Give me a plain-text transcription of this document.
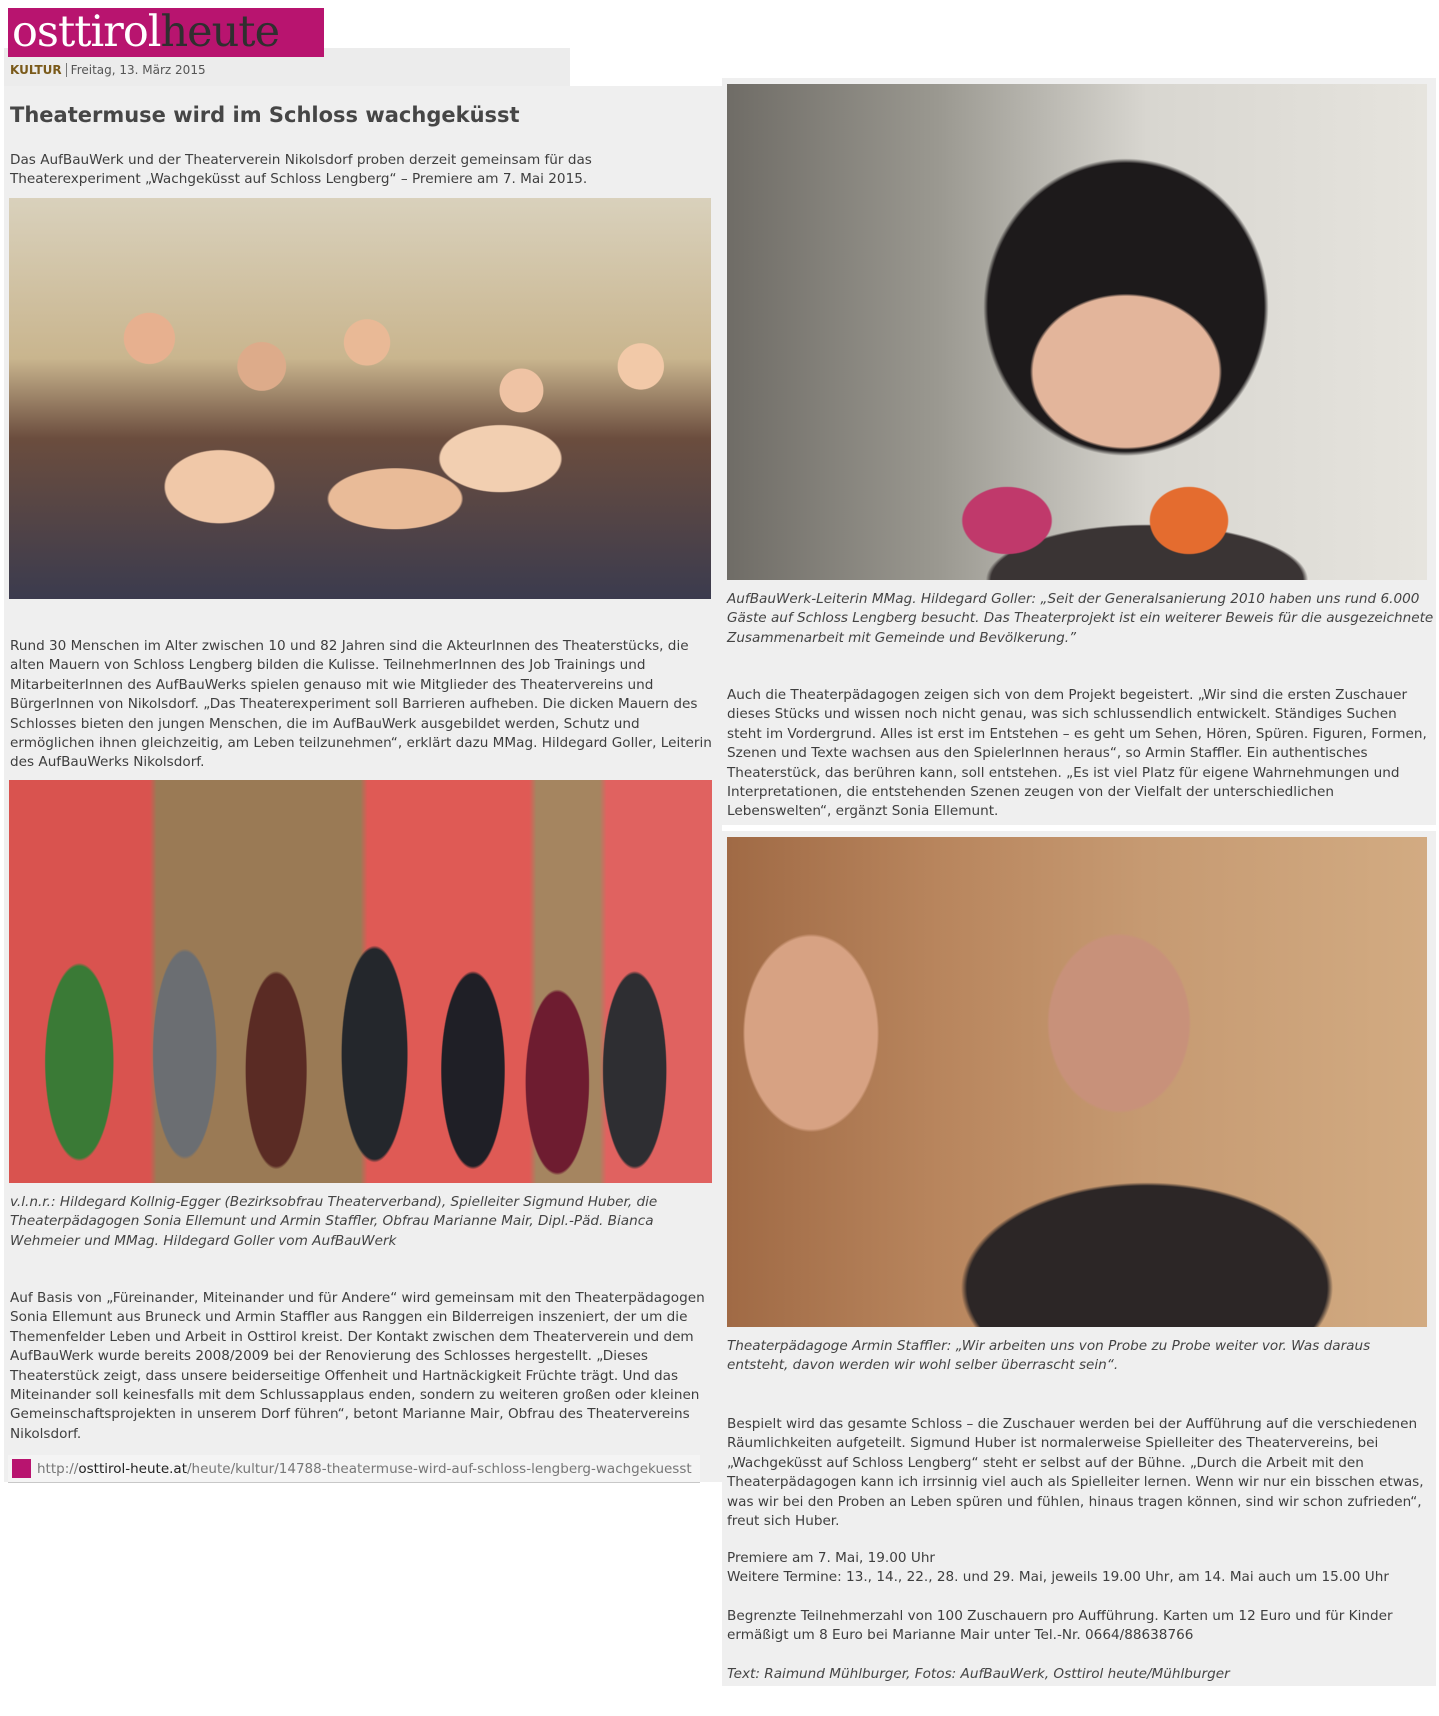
osttirolheute
KULTUR Freitag, 13. März 2015
Theatermuse wird im Schloss wachgeküsst
Das AufBauWerk und der Theaterverein Nikolsdorf proben derzeit gemeinsam für das Theaterexperiment „Wachgeküsst auf Schloss Lengberg“ – Premiere am 7. Mai 2015.
Rund 30 Menschen im Alter zwischen 10 und 82 Jahren sind die AkteurInnen des Theaterstücks, die alten Mauern von Schloss Lengberg bilden die Kulisse. TeilnehmerInnen des Job Trainings und MitarbeiterInnen des AufBauWerks spielen genauso mit wie Mitglieder des Theatervereins und BürgerInnen von Nikolsdorf. „Das Theaterexperiment soll Barrieren aufheben. Die dicken Mauern des Schlosses bieten den jungen Menschen, die im AufBauWerk ausgebildet werden, Schutz und ermöglichen ihnen gleichzeitig, am Leben teilzunehmen“, erklärt dazu MMag. Hildegard Goller, Leiterin des AufBauWerks Nikolsdorf.
v.l.n.r.: Hildegard Kollnig-Egger (Bezirksobfrau Theaterverband), Spielleiter Sigmund Huber, die Theaterpädagogen Sonia Ellemunt und Armin Staffler, Obfrau Marianne Mair, Dipl.-Päd. Bianca Wehmeier und MMag. Hildegard Goller vom AufBauWerk
Auf Basis von „Füreinander, Miteinander und für Andere“ wird gemeinsam mit den Theaterpädagogen Sonia Ellemunt aus Bruneck und Armin Staffler aus Ranggen ein Bilderreigen inszeniert, der um die Themenfelder Leben und Arbeit in Osttirol kreist. Der Kontakt zwischen dem Theaterverein und dem AufBauWerk wurde bereits 2008/2009 bei der Renovierung des Schlosses hergestellt. „Dieses Theaterstück zeigt, dass unsere beiderseitige Offenheit und Hartnäckigkeit Früchte trägt. Und das Miteinander soll keinesfalls mit dem Schlussapplaus enden, sondern zu weiteren großen oder kleinen Gemeinschaftsprojekten in unserem Dorf führen“, betont Marianne Mair, Obfrau des Theatervereins Nikolsdorf.
http://osttirol-heute.at/heute/kultur/14788-theatermuse-wird-auf-schloss-lengberg-wachgekuesst
AufBauWerk-Leiterin MMag. Hildegard Goller: „Seit der Generalsanierung 2010 haben uns rund 6.000 Gäste auf Schloss Lengberg besucht. Das Theaterprojekt ist ein weiterer Beweis für die ausgezeichnete Zusammenarbeit mit Gemeinde und Bevölkerung.”
Auch die Theaterpädagogen zeigen sich von dem Projekt begeistert. „Wir sind die ersten Zuschauer dieses Stücks und wissen noch nicht genau, was sich schlussendlich entwickelt. Ständiges Suchen steht im Vordergrund. Alles ist erst im Entstehen – es geht um Sehen, Hören, Spüren. Figuren, Formen, Szenen und Texte wachsen aus den SpielerInnen heraus“, so Armin Staffler. Ein authentisches Theaterstück, das berühren kann, soll entstehen. „Es ist viel Platz für eigene Wahrnehmungen und Interpretationen, die entstehenden Szenen zeugen von der Vielfalt der unterschiedlichen Lebenswelten“, ergänzt Sonia Ellemunt.
Theaterpädagoge Armin Staffler: „Wir arbeiten uns von Probe zu Probe weiter vor. Was daraus entsteht, davon werden wir wohl selber überrascht sein“.
Bespielt wird das gesamte Schloss – die Zuschauer werden bei der Aufführung auf die verschiedenen Räumlichkeiten aufgeteilt. Sigmund Huber ist normalerweise Spielleiter des Theatervereins, bei „Wachgeküsst auf Schloss Lengberg“ steht er selbst auf der Bühne. „Durch die Arbeit mit den Theaterpädagogen kann ich irrsinnig viel auch als Spielleiter lernen. Wenn wir nur ein bisschen etwas, was wir bei den Proben an Leben spüren und fühlen, hinaus tragen können, sind wir schon zufrieden“, freut sich Huber.
Premiere am 7. Mai, 19.00 Uhr
Weitere Termine: 13., 14., 22., 28. und 29. Mai, jeweils 19.00 Uhr, am 14. Mai auch um 15.00 Uhr
Begrenzte Teilnehmerzahl von 100 Zuschauern pro Aufführung. Karten um 12 Euro und für Kinder ermäßigt um 8 Euro bei Marianne Mair unter Tel.-Nr. 0664/88638766
Text: Raimund Mühlburger, Fotos: AufBauWerk, Osttirol heute/Mühlburger
